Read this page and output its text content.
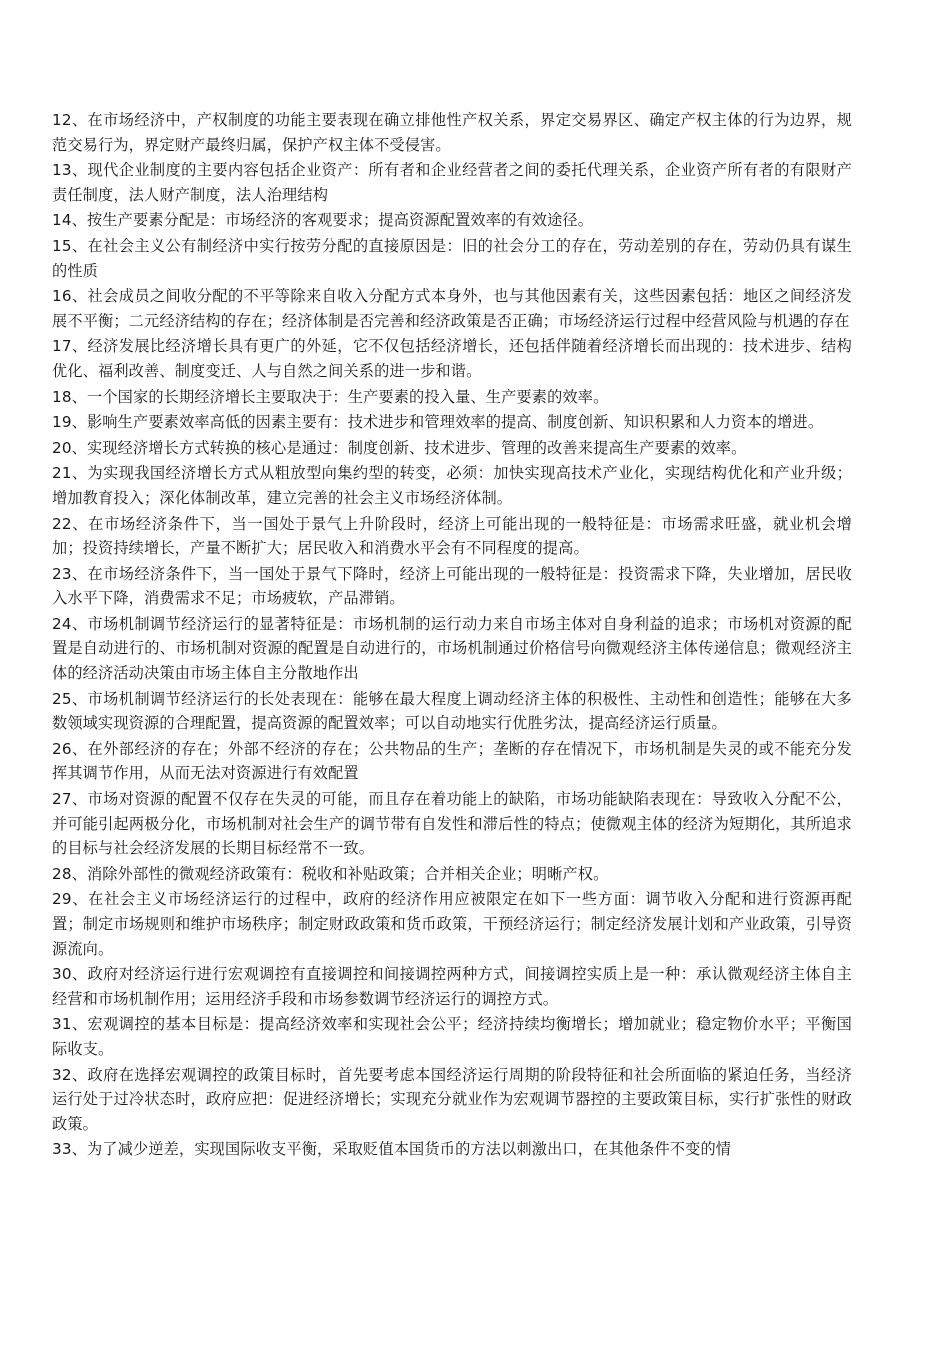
12、在市场经济中，产权制度的功能主要表现在确立排他性产权关系，界定交易界区、确定产权主体的行为边界，规范交易行为，界定财产最终归属，保护产权主体不受侵害。

13、现代企业制度的主要内容包括企业资产：所有者和企业经营者之间的委托代理关系，企业资产所有者的有限财产责任制度，法人财产制度，法人治理结构

14、按生产要素分配是：市场经济的客观要求；提高资源配置效率的有效途径。

15、在社会主义公有制经济中实行按劳分配的直接原因是：旧的社会分工的存在，劳动差别的存在，劳动仍具有谋生的性质

16、社会成员之间收分配的不平等除来自收入分配方式本身外，也与其他因素有关，这些因素包括：地区之间经济发展不平衡；二元经济结构的存在；经济体制是否完善和经济政策是否正确；市场经济运行过程中经营风险与机遇的存在

17、经济发展比经济增长具有更广的外延，它不仅包括经济增长，还包括伴随着经济增长而出现的：技术进步、结构优化、福利改善、制度变迁、人与自然之间关系的进一步和谐。

18、一个国家的长期经济增长主要取决于：生产要素的投入量、生产要素的效率。

19、影响生产要素效率高低的因素主要有：技术进步和管理效率的提高、制度创新、知识积累和人力资本的增进。

20、实现经济增长方式转换的核心是通过：制度创新、技术进步、管理的改善来提高生产要素的效率。

21、为实现我国经济增长方式从粗放型向集约型的转变，必须：加快实现高技术产业化，实现结构优化和产业升级；增加教育投入；深化体制改革，建立完善的社会主义市场经济体制。

22、在市场经济条件下，当一国处于景气上升阶段时，经济上可能出现的一般特征是：市场需求旺盛，就业机会增加；投资持续增长，产量不断扩大；居民收入和消费水平会有不同程度的提高。

23、在市场经济条件下，当一国处于景气下降时，经济上可能出现的一般特征是：投资需求下降，失业增加，居民收入水平下降，消费需求不足；市场疲软，产品滞销。

24、市场机制调节经济运行的显著特征是：市场机制的运行动力来自市场主体对自身利益的追求；市场机对资源的配置是自动进行的、市场机制对资源的配置是自动进行的，市场机制通过价格信号向微观经济主体传递信息；微观经济主体的经济活动决策由市场主体自主分散地作出

25、市场机制调节经济运行的长处表现在：能够在最大程度上调动经济主体的积极性、主动性和创造性；能够在大多数领域实现资源的合理配置，提高资源的配置效率；可以自动地实行优胜劣汰，提高经济运行质量。

26、在外部经济的存在；外部不经济的存在；公共物品的生产；垄断的存在情况下，市场机制是失灵的或不能充分发挥其调节作用，从而无法对资源进行有效配置

27、市场对资源的配置不仅存在失灵的可能，而且存在着功能上的缺陷，市场功能缺陷表现在：导致收入分配不公，并可能引起两极分化，市场机制对社会生产的调节带有自发性和滞后性的特点；使微观主体的经济为短期化，其所追求的目标与社会经济发展的长期目标经常不一致。

28、消除外部性的微观经济政策有：税收和补贴政策；合并相关企业；明晰产权。

29、在社会主义市场经济运行的过程中，政府的经济作用应被限定在如下一些方面：调节收入分配和进行资源再配置；制定市场规则和维护市场秩序；制定财政政策和货币政策，干预经济运行；制定经济发展计划和产业政策，引导资源流向。

30、政府对经济运行进行宏观调控有直接调控和间接调控两种方式，间接调控实质上是一种：承认微观经济主体自主经营和市场机制作用；运用经济手段和市场参数调节经济运行的调控方式。

31、宏观调控的基本目标是：提高经济效率和实现社会公平；经济持续均衡增长；增加就业；稳定物价水平；平衡国际收支。

32、政府在选择宏观调控的政策目标时，首先要考虑本国经济运行周期的阶段特征和社会所面临的紧迫任务，当经济运行处于过冷状态时，政府应把：促进经济增长；实现充分就业作为宏观调节器控的主要政策目标，实行扩张性的财政政策。

33、为了减少逆差，实现国际收支平衡，采取贬值本国货币的方法以刺激出口，在其他条件不变的情
